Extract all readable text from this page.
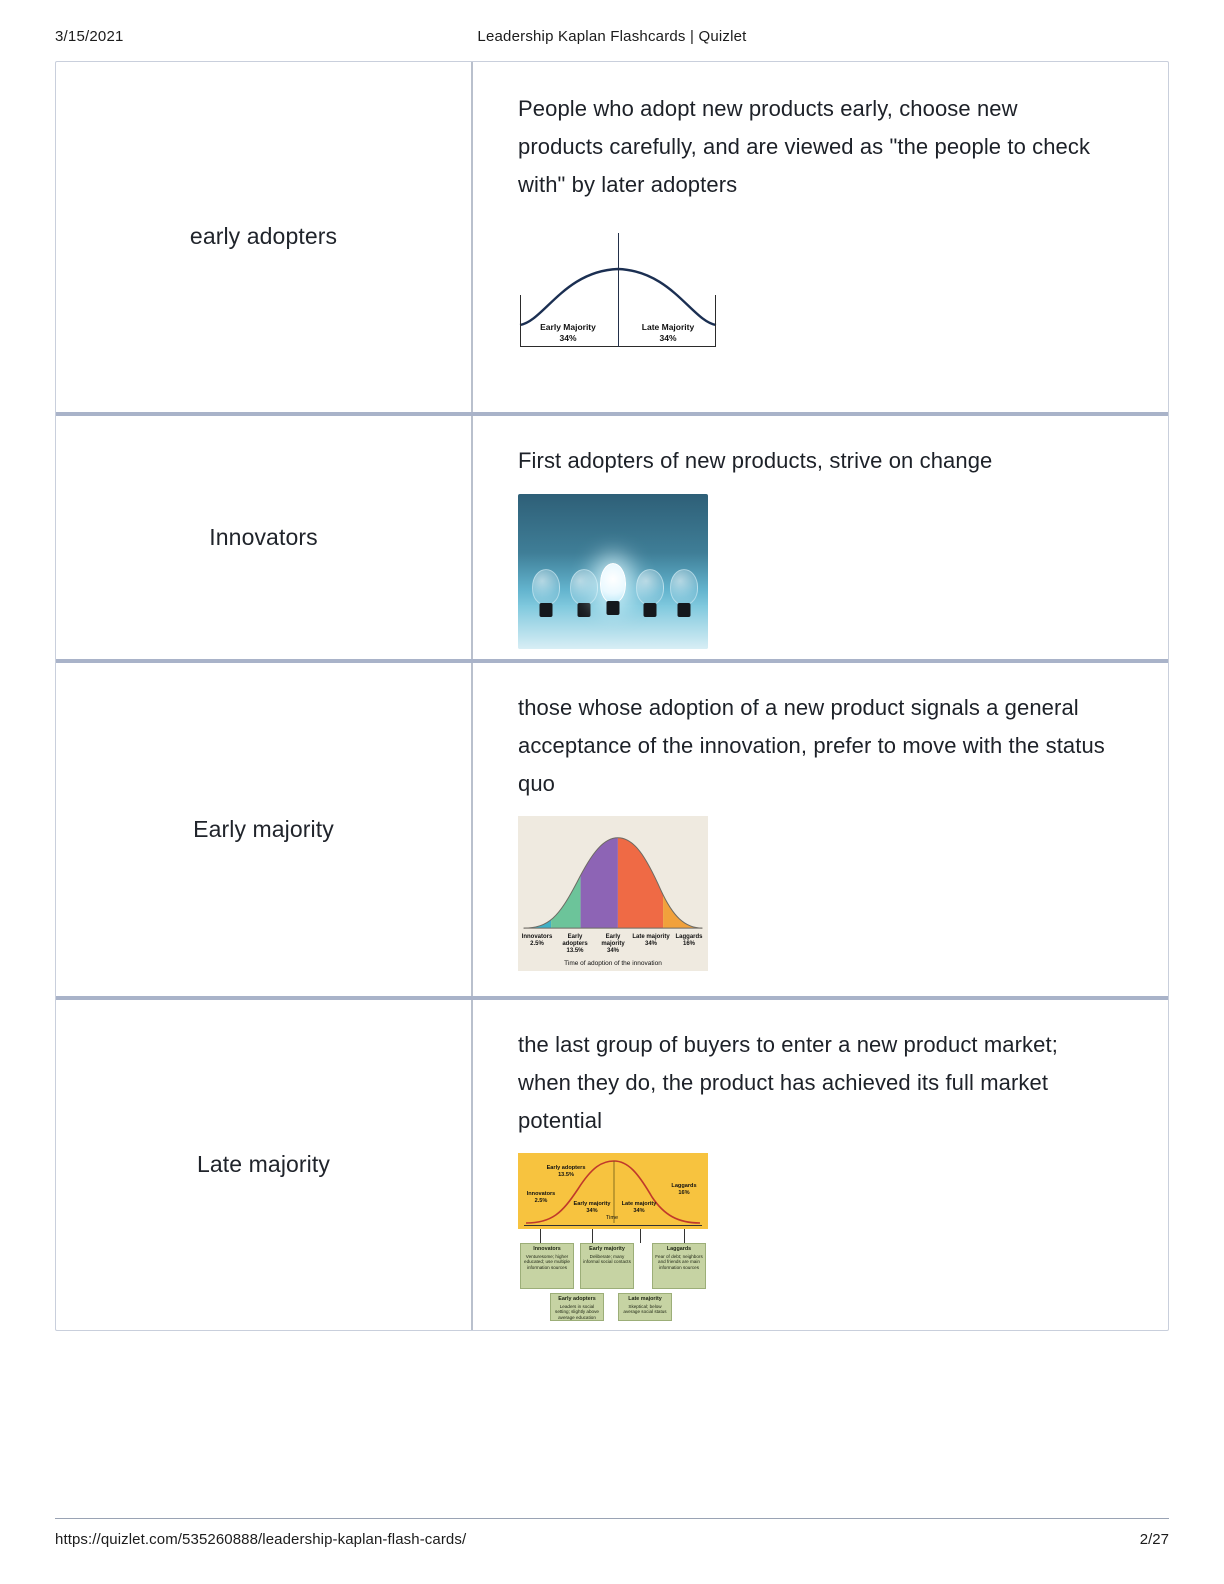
3/15/2021	Leadership Kaplan Flashcards | Quizlet
early adopters
People who adopt new products early, choose new products carefully, and are viewed as "the people to check with" by later adopters
Early Majority
34%
Late Majority
34%
Innovators
First adopters of new products, strive on change
Early majority
those whose adoption of a new product signals a general acceptance of the innovation, prefer to move with the status quo
Innovators
2.5%
Early adopters
13.5%
Early majority
34%
Late majority
34%
Laggards
16%
Time of adoption of the innovation
Late majority
the last group of buyers to enter a new product market; when they do, the product has achieved its full market potential
Early adopters
13.5%
Innovators
2.5%
Early majority
34%
Late majority
34%
Laggards
16%
Time
Innovators
Venturesome; higher educated; use multiple information sources
Early majority
Deliberate; many informal social contacts
Laggards
Fear of debt; neighbors and friends are main information sources
Early adopters
Leaders in social setting; slightly above average education
Late majority
Skeptical; below average social status
https://quizlet.com/535260888/leadership-kaplan-flash-cards/	2/27
